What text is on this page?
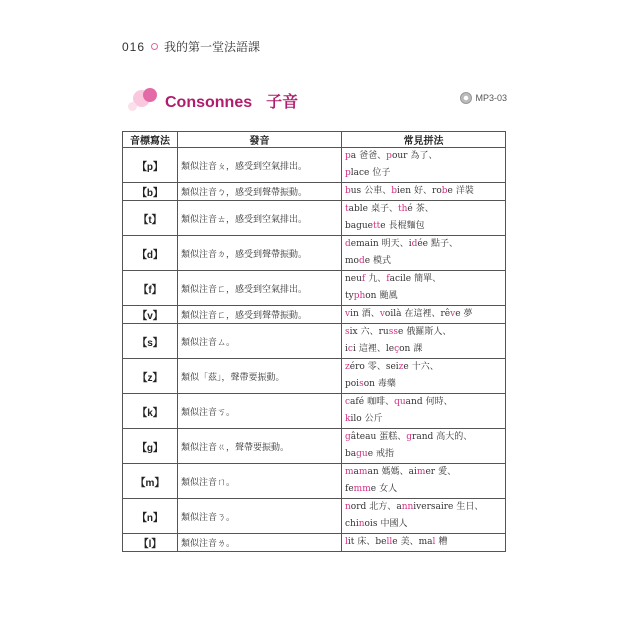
016 我的第一堂法語課
Consonnes 子音	MP3-03
音標寫法	發音	常見拼法
【p】	類似注音ㄆ，感受到空氣排出。	pa 爸爸、pour 為了、
place 位子

【b】	類似注音ㄅ，感受到聲帶振動。	bus 公車、bien 好、robe 洋裝

【t】	類似注音ㄊ，感受到空氣排出。	table 桌子、thé 茶、
baguette 長棍麵包

【d】	類似注音ㄉ，感受到聲帶振動。	demain 明天、idée 點子、
mode 模式

【f】	類似注音ㄈ，感受到空氣排出。	neuf 九、facile 簡單、
typhon 颱風

【v】	類似注音ㄈ，感受到聲帶振動。	vin 酒、voilà 在這裡、rêve 夢

【s】	類似注音ㄙ。	six 六、russe 俄羅斯人、
ici 這裡、leçon 課

【z】	類似「茲」，聲帶要振動。	zéro 零、seize 十六、
poison 毒藥

【k】	類似注音ㄎ。	café 咖啡、quand 何時、
kilo 公斤

【g】	類似注音ㄍ，聲帶要振動。	gâteau 蛋糕、grand 高大的、
bague 戒指

【m】	類似注音ㄇ。	maman 媽媽、aimer 愛、
femme 女人

【n】	類似注音ㄋ。	nord 北方、anniversaire 生日、
chinois 中國人

【l】	類似注音ㄌ。	lit 床、belle 美、mal 糟
